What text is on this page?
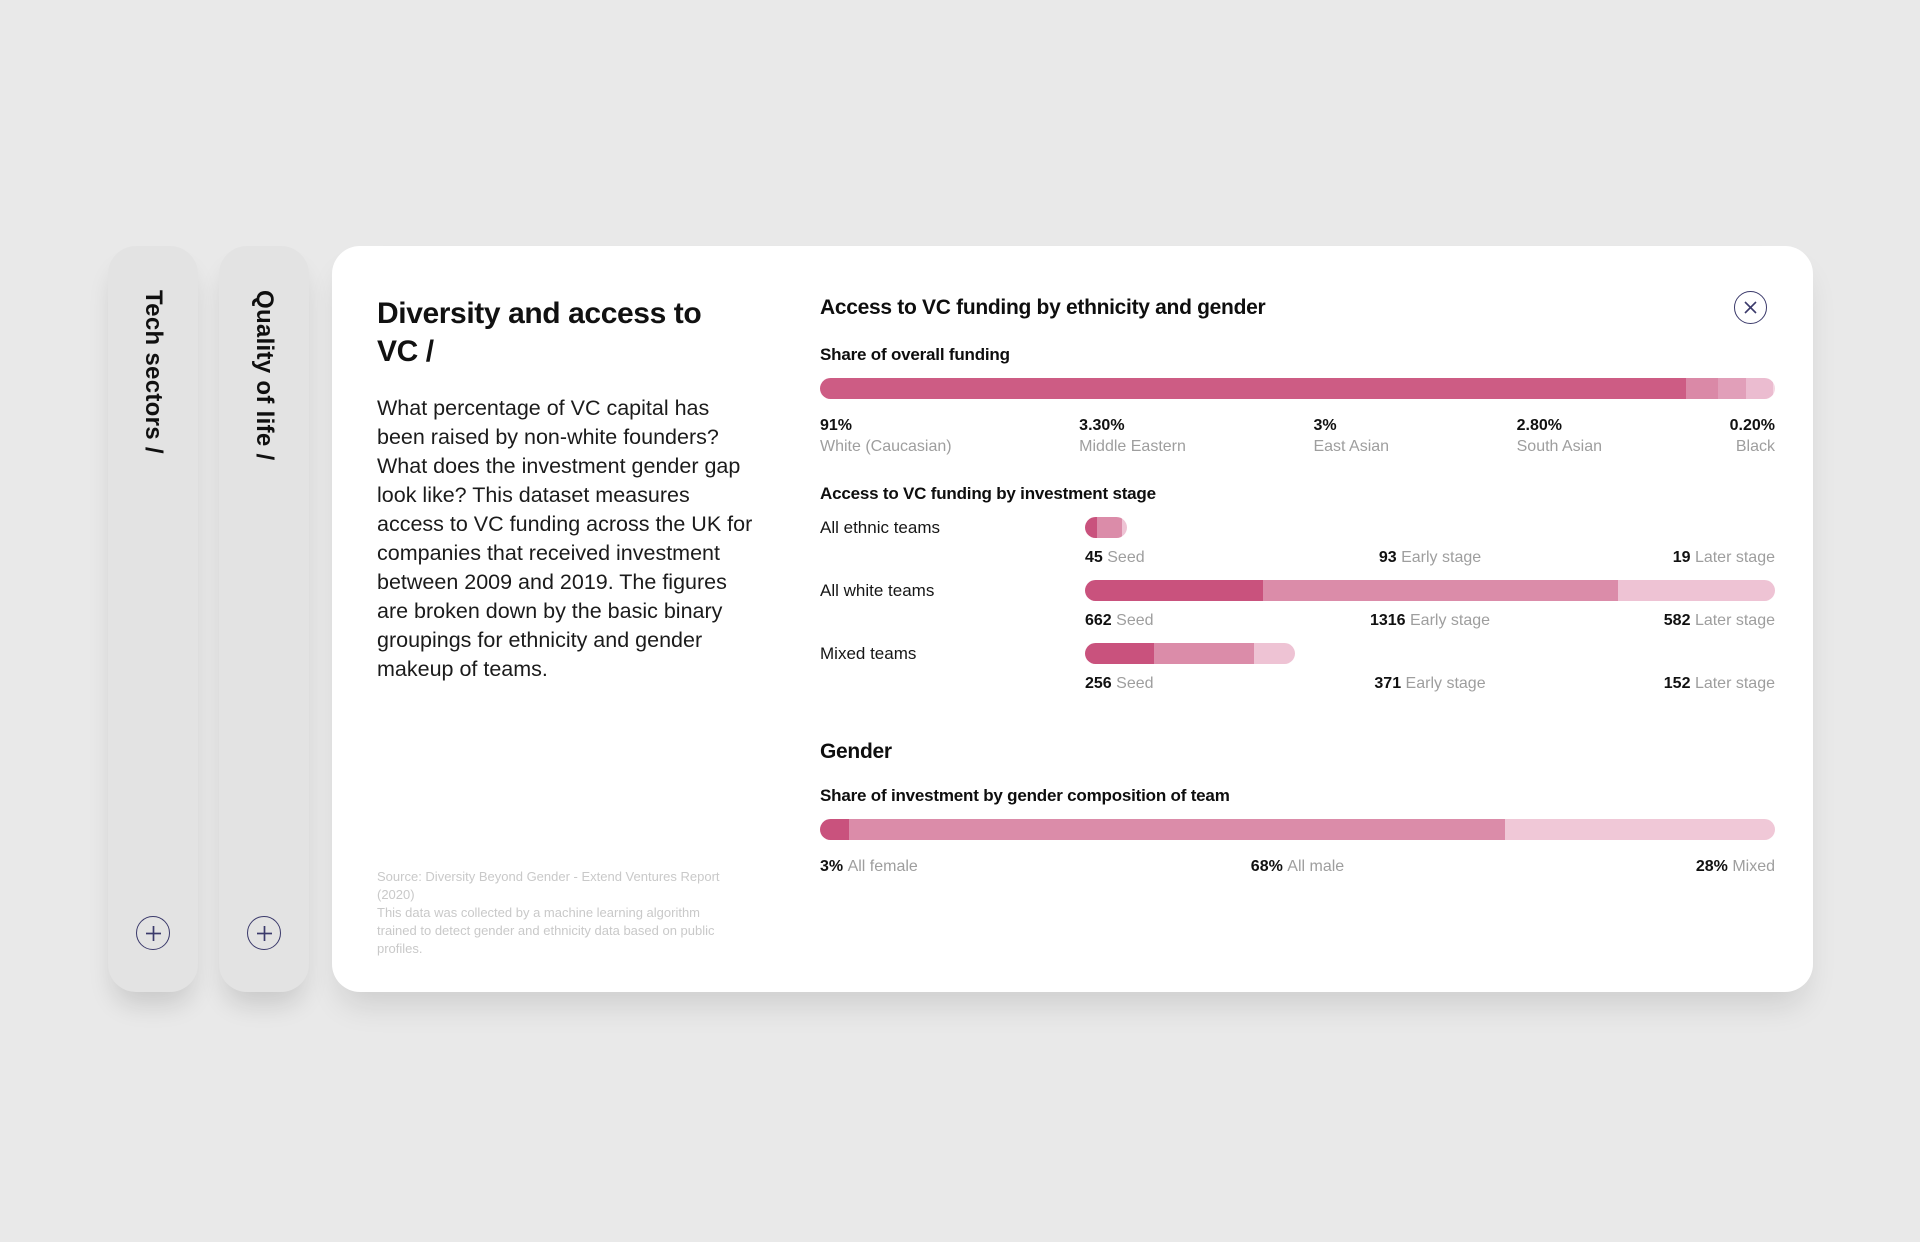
Tech sectors /	Quality of life /	Diversity and access to VC /

What percentage of VC capital has been raised by non-white founders? What does the investment gender gap look like? This dataset measures access to VC funding across the UK for companies that received investment between 2009 and 2019. The figures are broken down by the basic binary groupings for ethnicity and gender makeup of teams.

Source: Diversity Beyond Gender - Extend Ventures Report (2020)
This data was collected by a machine learning algorithm trained to detect gender and ethnicity data based on public profiles.
Access to VC funding by ethnicity and gender
Share of overall funding
91%
White (Caucasian)
3.30%
Middle Eastern
3%
East Asian
2.80%
South Asian
0.20%
Black
Access to VC funding by investment stage
All ethnic teams
45 Seed	93 Early stage	19 Later stage
All white teams
662 Seed	1316 Early stage	582 Later stage
Mixed teams
256 Seed	371 Early stage	152 Later stage
Gender
Share of investment by gender composition of team
3% All female	68% All male	28% Mixed
